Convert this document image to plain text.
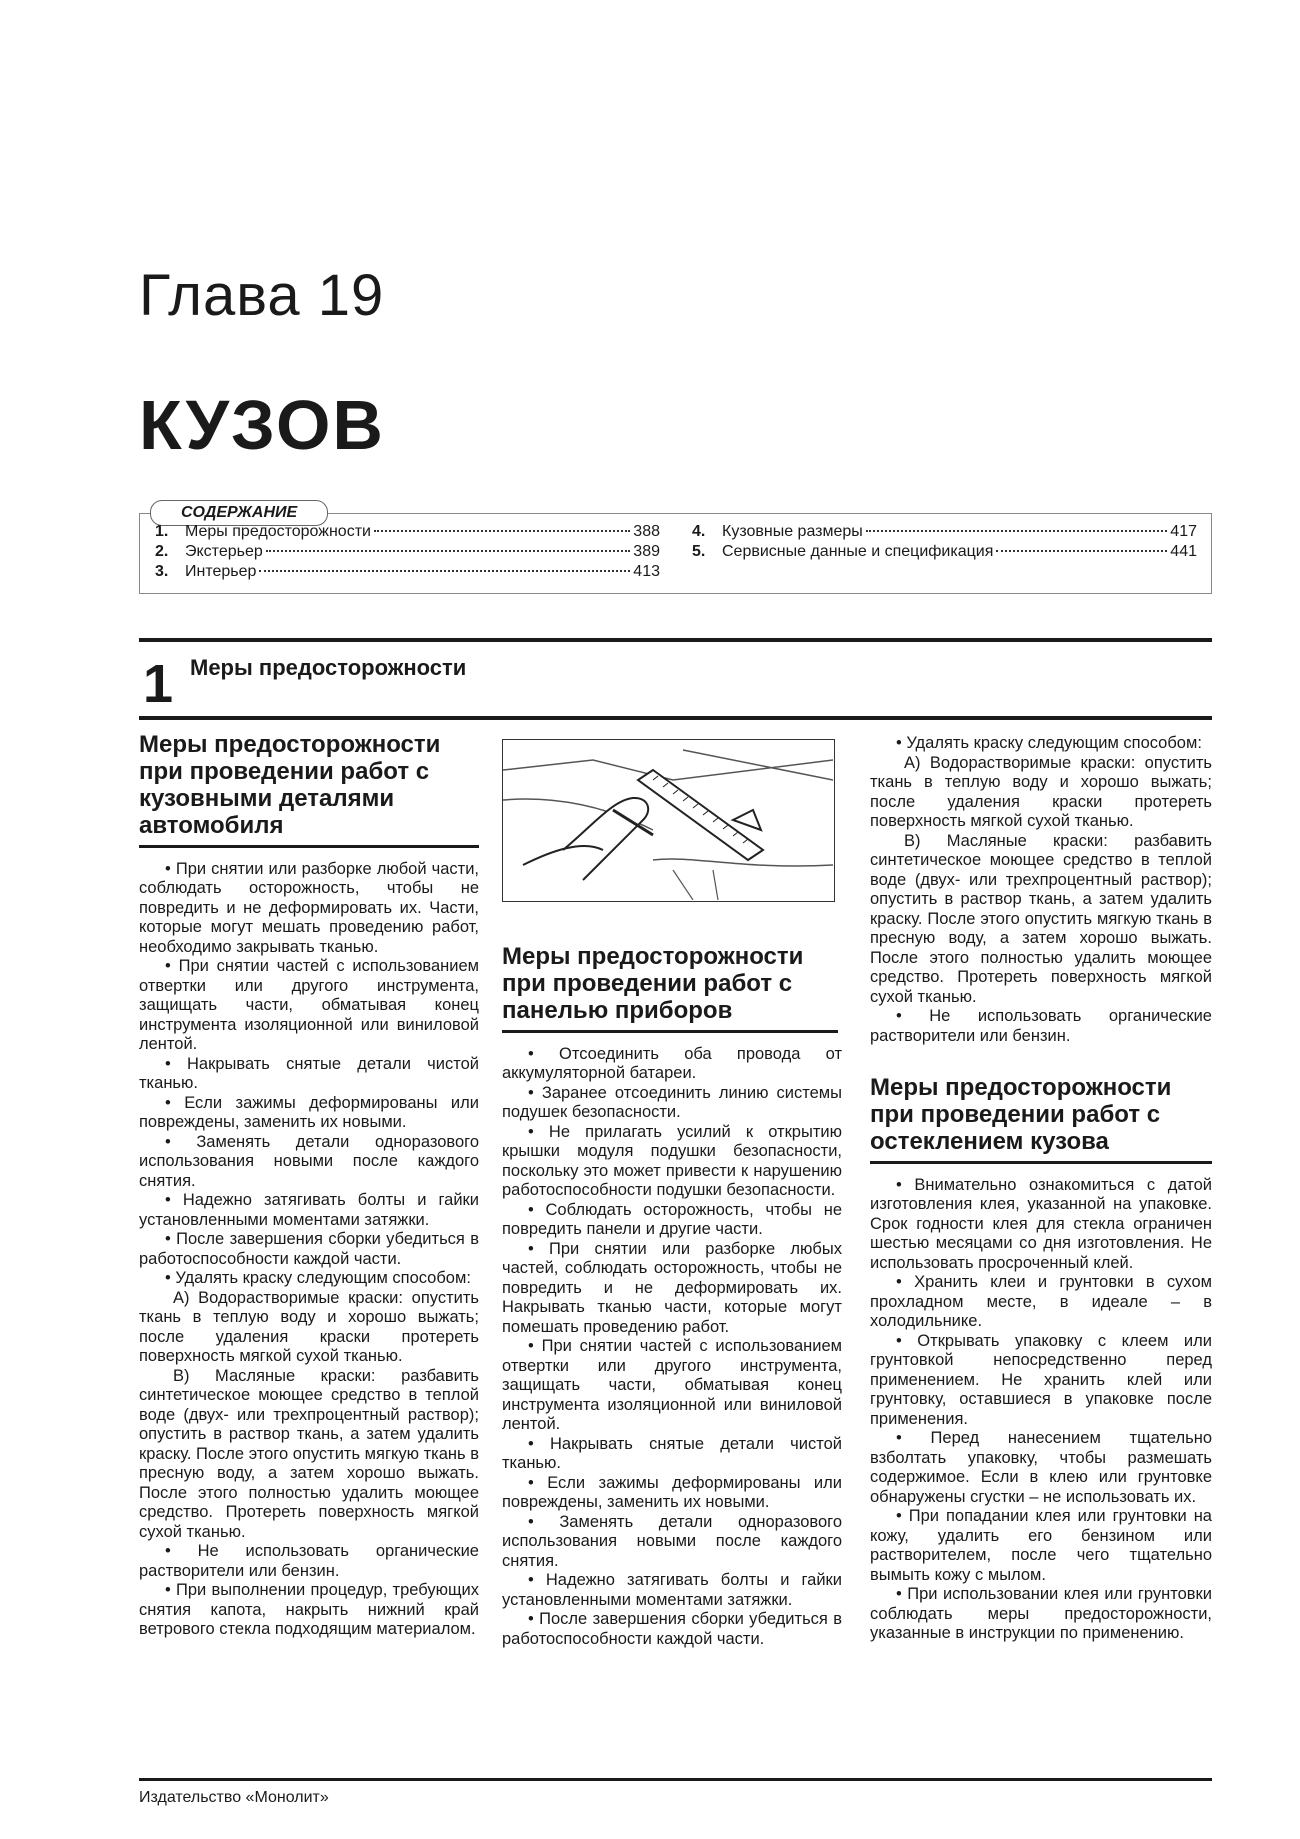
Глава 19
КУЗОВ
СОДЕРЖАНИЕ
1.	Меры предосторожности	388
2.	Экстерьер	389
3.	Интерьер	413
4.	Кузовные размеры	417
5.	Сервисные данные и спецификация	441
1 Меры предосторожности
Меры предосторожности при проведении работ с кузовными деталями автомобиля

• При снятии или разборке любой части, соблюдать осторожность, чтобы не повредить и не деформировать их. Части, которые могут мешать проведению работ, необходимо закрывать тканью.

• При снятии частей с использованием отвертки или другого инструмента, защищать части, обматывая конец инструмента изоляционной или виниловой лентой.

• Накрывать снятые детали чистой тканью.

• Если зажимы деформированы или повреждены, заменить их новыми.

• Заменять детали одноразового использования новыми после каждого снятия.

• Надежно затягивать болты и гайки установленными моментами затяжки.

• После завершения сборки убедиться в работоспособности каждой части.

• Удалять краску следующим способом:

А) Водорастворимые краски: опустить ткань в теплую воду и хорошо выжать; после удаления краски протереть поверхность мягкой сухой тканью.

В) Масляные краски: разбавить синтетическое моющее средство в теплой воде (двух- или трехпроцентный раствор); опустить в раствор ткань, а затем удалить краску. После этого опустить мягкую ткань в пресную воду, а затем хорошо выжать. После этого полностью удалить моющее средство. Протереть поверхность мягкой сухой тканью.

• Не использовать органические растворители или бензин.

• При выполнении процедур, требующих снятия капота, накрыть нижний край ветрового стекла подходящим материалом.

Меры предосторожности при проведении работ с панелью приборов

• Отсоединить оба провода от аккумуляторной батареи.

• Заранее отсоединить линию системы подушек безопасности.

• Не прилагать усилий к открытию крышки модуля подушки безопасности, поскольку это может привести к нарушению работоспособности подушки безопасности.

• Соблюдать осторожность, чтобы не повредить панели и другие части.

• При снятии или разборке любых частей, соблюдать осторожность, чтобы не повредить и не деформировать их. Накрывать тканью части, которые могут помешать проведению работ.

• При снятии частей с использованием отвертки или другого инструмента, защищать части, обматывая конец инструмента изоляционной или виниловой лентой.

• Накрывать снятые детали чистой тканью.

• Если зажимы деформированы или повреждены, заменить их новыми.

• Заменять детали одноразового использования новыми после каждого снятия.

• Надежно затягивать болты и гайки установленными моментами затяжки.

• После завершения сборки убедиться в работоспособности каждой части.

• Удалять краску следующим способом:

А) Водорастворимые краски: опустить ткань в теплую воду и хорошо выжать; после удаления краски протереть поверхность мягкой сухой тканью.

В) Масляные краски: разбавить синтетическое моющее средство в теплой воде (двух- или трехпроцентный раствор); опустить в раствор ткань, а затем удалить краску. После этого опустить мягкую ткань в пресную воду, а затем хорошо выжать. После этого полностью удалить моющее средство. Протереть поверхность мягкой сухой тканью.

• Не использовать органические растворители или бензин.

Меры предосторожности при проведении работ с остеклением кузова

• Внимательно ознакомиться с датой изготовления клея, указанной на упаковке. Срок годности клея для стекла ограничен шестью месяцами со дня изготовления. Не использовать просроченный клей.

• Хранить клеи и грунтовки в сухом прохладном месте, в идеале – в холодильнике.

• Открывать упаковку с клеем или грунтовкой непосредственно перед применением. Не хранить клей или грунтовку, оставшиеся в упаковке после применения.

• Перед нанесением тщательно взболтать упаковку, чтобы размешать содержимое. Если в клею или грунтовке обнаружены сгустки – не использовать их.

• При попадании клея или грунтовки на кожу, удалить его бензином или растворителем, после чего тщательно вымыть кожу с мылом.

• При использовании клея или грунтовки соблюдать меры предосторожности, указанные в инструкции по применению.

Издательство «Монолит»
